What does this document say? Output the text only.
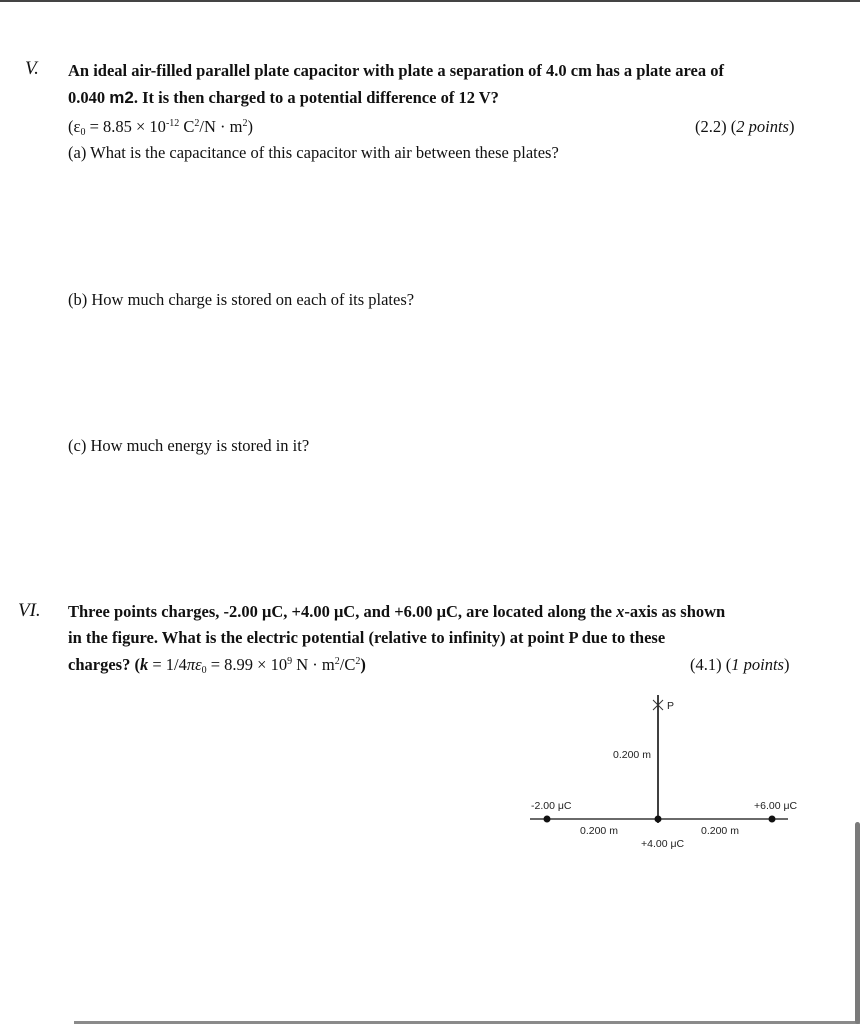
V. An ideal air-filled parallel plate capacitor with plate a separation of 4.0 cm has a plate area of
0.040 m2. It is then charged to a potential difference of 12 V?
($\varepsilon_0 = 8.85 \times 10^{-12}$ $C^2/N \cdot m^2$)	(2.2) (2 points)
(a) What is the capacitance of this capacitor with air between these plates?
(b) How much charge is stored on each of its plates?
(c) How much energy is stored in it?
VI. Three points charges, -2.00 μC, +4.00 μC, and +6.00 μC, are located along the x-axis as shown
in the figure. What is the electric potential (relative to infinity) at point P due to these
charges? ($k = 1/4\pi\varepsilon_0 = 8.99 \times 10^9$ $N \cdot m^2/C^2$)	(4.1) (1 points)
P
0.200 m
-2.00 μC
+4.00 μC
+6.00 μC
0.200 m	0.200 m
